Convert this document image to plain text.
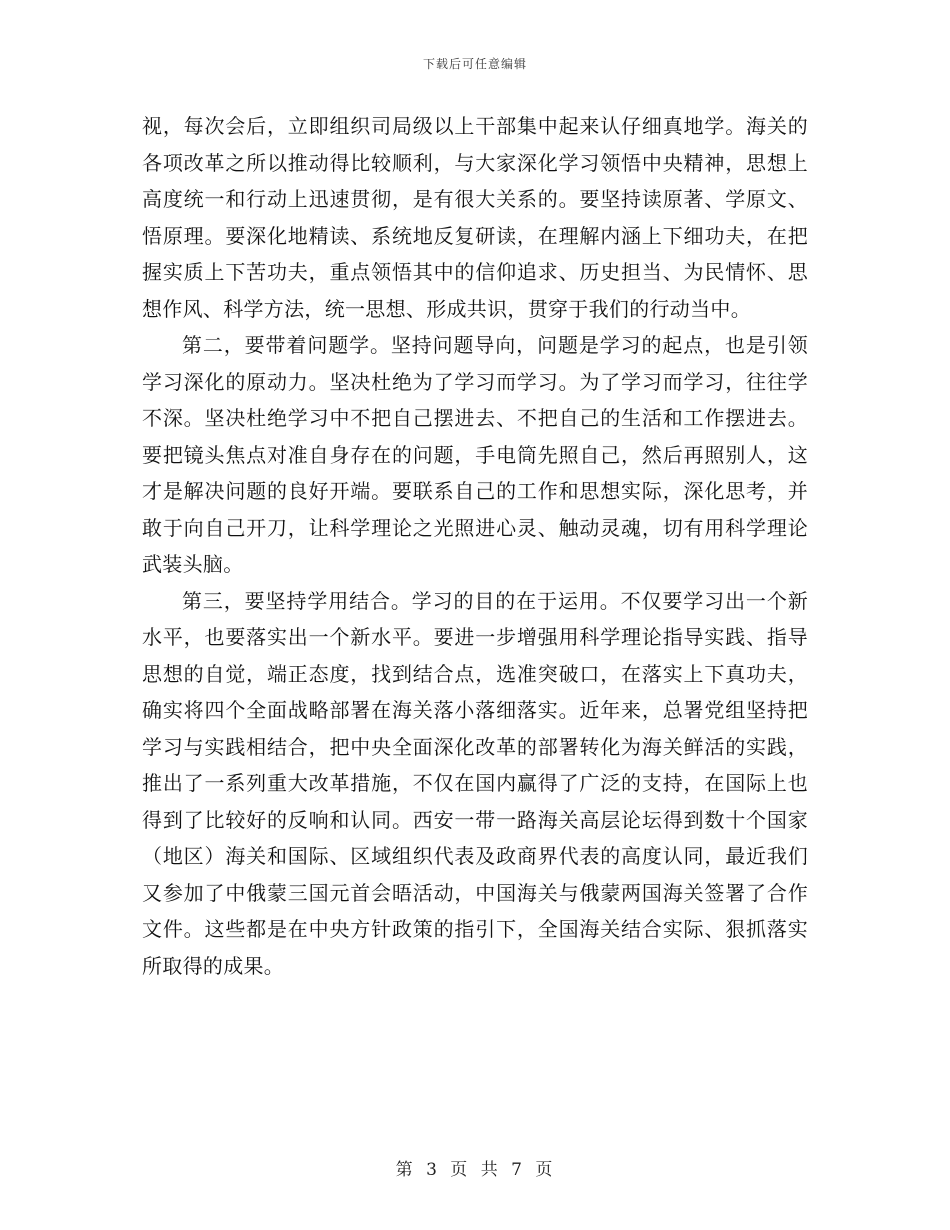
下载后可任意编辑

视，每次会后，立即组织司局级以上干部集中起来认仔细真地学。海关的各项改革之所以推动得比较顺利，与大家深化学习领悟中央精神，思想上高度统一和行动上迅速贯彻，是有很大关系的。要坚持读原著、学原文、悟原理。要深化地精读、系统地反复研读，在理解内涵上下细功夫，在把握实质上下苦功夫，重点领悟其中的信仰追求、历史担当、为民情怀、思想作风、科学方法，统一思想、形成共识，贯穿于我们的行动当中。

第二，要带着问题学。坚持问题导向，问题是学习的起点，也是引领学习深化的原动力。坚决杜绝为了学习而学习。为了学习而学习，往往学不深。坚决杜绝学习中不把自己摆进去、不把自己的生活和工作摆进去。要把镜头焦点对准自身存在的问题，手电筒先照自己，然后再照别人，这才是解决问题的良好开端。要联系自己的工作和思想实际，深化思考，并敢于向自己开刀，让科学理论之光照进心灵、触动灵魂，切有用科学理论武装头脑。

第三，要坚持学用结合。学习的目的在于运用。不仅要学习出一个新水平，也要落实出一个新水平。要进一步增强用科学理论指导实践、指导思想的自觉，端正态度，找到结合点，选准突破口，在落实上下真功夫，确实将四个全面战略部署在海关落小落细落实。近年来，总署党组坚持把学习与实践相结合，把中央全面深化改革的部署转化为海关鲜活的实践，推出了一系列重大改革措施，不仅在国内赢得了广泛的支持，在国际上也得到了比较好的反响和认同。西安一带一路海关高层论坛得到数十个国家（地区）海关和国际、区域组织代表及政商界代表的高度认同，最近我们又参加了中俄蒙三国元首会晤活动，中国海关与俄蒙两国海关签署了合作文件。这些都是在中央方针政策的指引下，全国海关结合实际、狠抓落实所取得的成果。

第 3 页 共 7 页
